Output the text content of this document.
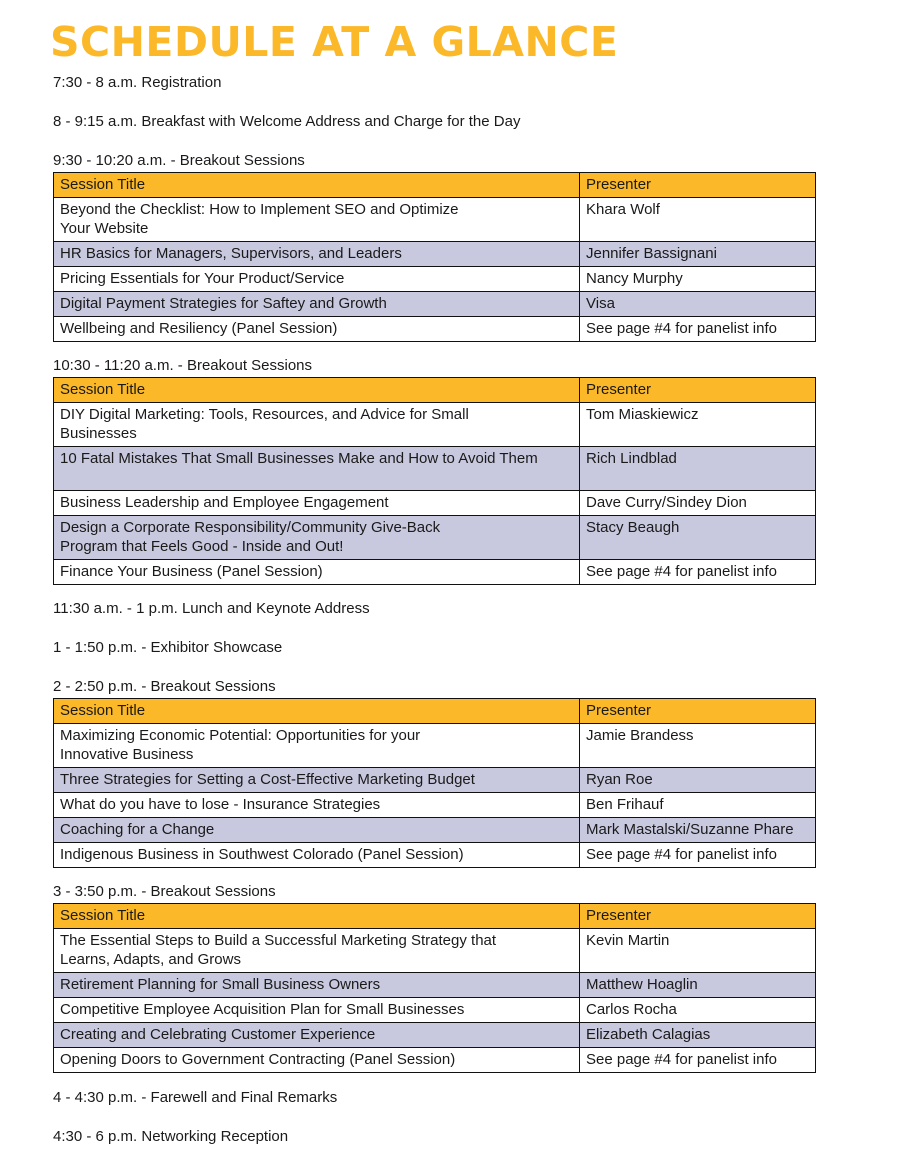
SCHEDULE AT A GLANCE
7:30 - 8 a.m. Registration
8 - 9:15 a.m. Breakfast with Welcome Address and Charge for the Day
9:30 - 10:20 a.m. - Breakout Sessions
Session Title	Presenter

Beyond the Checklist: How to Implement SEO and Optimize
Your Website	Khara Wolf
HR Basics for Managers, Supervisors, and Leaders	Jennifer Bassignani
Pricing Essentials for Your Product/Service	Nancy Murphy
Digital Payment Strategies for Saftey and Growth	Visa
Wellbeing and Resiliency (Panel Session)	See page #4 for panelist info
10:30 - 11:20 a.m. - Breakout Sessions
Session Title	Presenter

DIY Digital Marketing: Tools, Resources, and Advice for Small
Businesses	Tom Miaskiewicz
10 Fatal Mistakes That Small Businesses Make and How to Avoid Them	Rich Lindblad
Business Leadership and Employee Engagement	Dave Curry/Sindey Dion

Design a Corporate Responsibility/Community Give-Back
Program that Feels Good - Inside and Out!	Stacy Beaugh
Finance Your Business (Panel Session)	See page #4 for panelist info
11:30 a.m. - 1 p.m. Lunch and Keynote Address
1 - 1:50 p.m. - Exhibitor Showcase
2 - 2:50 p.m. - Breakout Sessions
Session Title	Presenter

Maximizing Economic Potential: Opportunities for your
Innovative Business	Jamie Brandess
Three Strategies for Setting a Cost-Effective Marketing Budget	Ryan Roe
What do you have to lose - Insurance Strategies	Ben Frihauf
Coaching for a Change	Mark Mastalski/Suzanne Phare
Indigenous Business in Southwest Colorado (Panel Session)	See page #4 for panelist info
3 - 3:50 p.m. - Breakout Sessions
Session Title	Presenter

The Essential Steps to Build a Successful Marketing Strategy that
Learns, Adapts, and Grows	Kevin Martin
Retirement Planning for Small Business Owners	Matthew Hoaglin
Competitive Employee Acquisition Plan for Small Businesses	Carlos Rocha
Creating and Celebrating Customer Experience	Elizabeth Calagias
Opening Doors to Government Contracting (Panel Session)	See page #4 for panelist info
4 - 4:30 p.m. - Farewell and Final Remarks
4:30 - 6 p.m. Networking Reception
